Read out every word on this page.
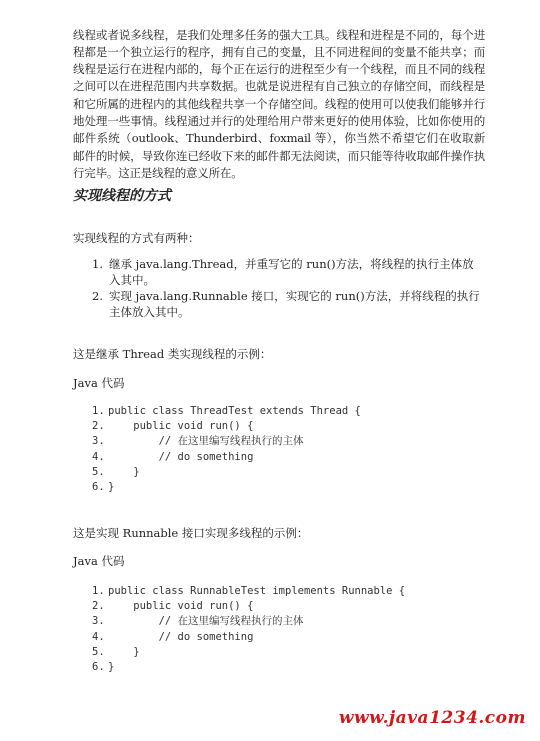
线程或者说多线程，是我们处理多任务的强大工具。线程和进程是不同的，每个进程都是一个独立运行的程序，拥有自己的变量，且不同进程间的变量不能共享；而线程是运行在进程内部的，每个正在运行的进程至少有一个线程，而且不同的线程之间可以在进程范围内共享数据。也就是说进程有自己独立的存储空间，而线程是和它所属的进程内的其他线程共享一个存储空间。线程的使用可以使我们能够并行地处理一些事情。线程通过并行的处理给用户带来更好的使用体验，比如你使用的邮件系统（outlook、Thunderbird、foxmail 等），你当然不希望它们在收取新邮件的时候，导致你连已经收下来的邮件都无法阅读，而只能等待收取邮件操作执行完毕。这正是线程的意义所在。

实现线程的方式

实现线程的方式有两种：

1. 继承 java.lang.Thread，并重写它的 run()方法，将线程的执行主体放入其中。
2. 实现 java.lang.Runnable 接口，实现它的 run()方法，并将线程的执行主体放入其中。

这是继承 Thread 类实现线程的示例：

Java 代码

1. public class ThreadTest extends Thread {
2.    public void run() {
3.        // 在这里编写线程执行的主体
4.        // do something
5.    }
6. }

这是实现 Runnable 接口实现多线程的示例：

Java 代码

1. public class RunnableTest implements Runnable {
2.    public void run() {
3.        // 在这里编写线程执行的主体
4.        // do something
5.    }
6. }

www.java1234.com
